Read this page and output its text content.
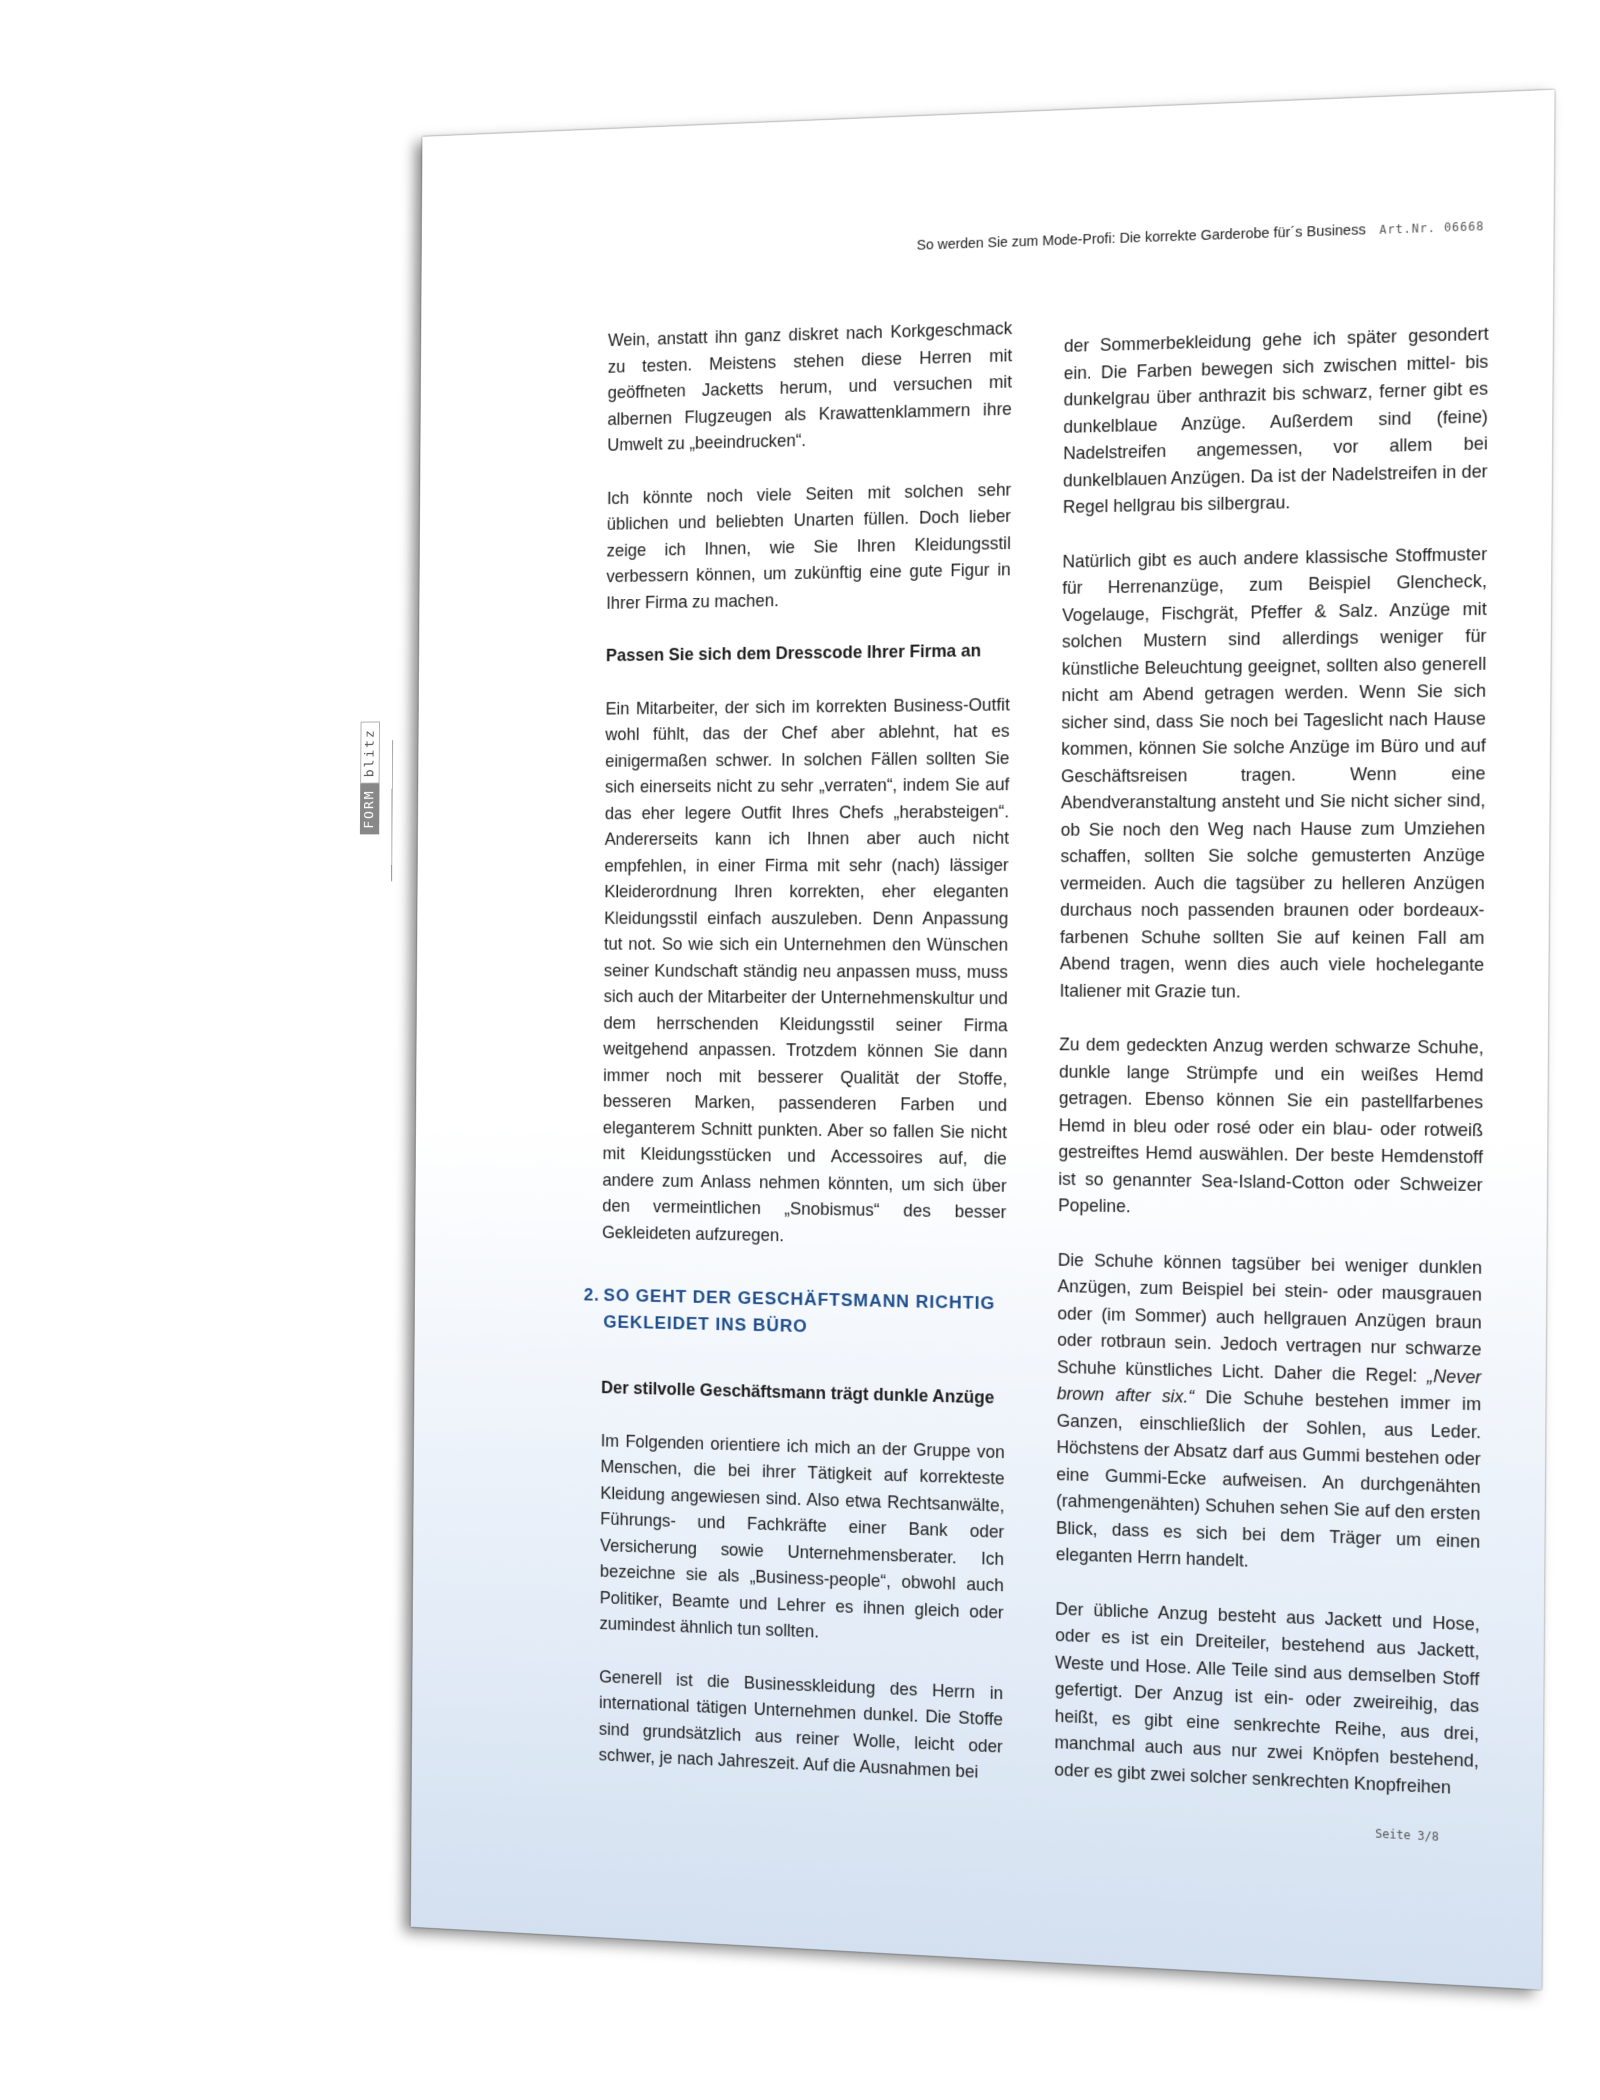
So werden Sie zum Mode-Profi: Die korrekte Garderobe für´s Business Art.Nr. 06668
FORM
blitz

Wein, anstatt ihn ganz diskret nach Korkgeschmack zu testen. Meistens stehen diese Herren mit geöffneten Jacketts herum, und versuchen mit albernen Flugzeugen als Krawattenklammern ihre Umwelt zu „beeindrucken“.

Ich könnte noch viele Seiten mit solchen sehr üblichen und beliebten Unarten füllen. Doch lieber zeige ich Ihnen, wie Sie Ihren Kleidungsstil verbessern können, um zukünftig eine gute Figur in Ihrer Firma zu machen.

Passen Sie sich dem Dresscode Ihrer Firma an

Ein Mitarbeiter, der sich im korrekten Business-Outfit wohl fühlt, das der Chef aber ablehnt, hat es einigermaßen schwer. In solchen Fällen sollten Sie sich einerseits nicht zu sehr „verraten“, indem Sie auf das eher legere Outfit Ihres Chefs „herabsteigen“. Andererseits kann ich Ihnen aber auch nicht empfehlen, in einer Firma mit sehr (nach) lässiger Kleiderordnung Ihren korrekten, eher eleganten Kleidungsstil einfach auszuleben. Denn Anpassung tut not. So wie sich ein Unternehmen den Wünschen seiner Kundschaft ständig neu anpassen muss, muss sich auch der Mitarbeiter der Unternehmenskultur und dem herrschenden Kleidungsstil seiner Firma weitgehend anpassen. Trotzdem können Sie dann immer noch mit besserer Qualität der Stoffe, besseren Marken, passenderen Farben und eleganterem Schnitt punkten. Aber so fallen Sie nicht mit Kleidungsstücken und Accessoires auf, die andere zum Anlass nehmen könnten, um sich über den vermeintlichen „Snobismus“ des besser Gekleideten aufzuregen.

2. SO GEHT DER GESCHÄFTSMANN RICHTIG
GEKLEIDET INS BÜRO

Der stilvolle Geschäftsmann trägt dunkle Anzüge

Im Folgenden orientiere ich mich an der Gruppe von Menschen, die bei ihrer Tätigkeit auf korrekteste Kleidung angewiesen sind. Also etwa Rechtsanwälte, Führungs- und Fachkräfte einer Bank oder Versicherung sowie Unternehmensberater. Ich bezeichne sie als „Business-people“, obwohl auch Politiker, Beamte und Lehrer es ihnen gleich oder zumindest ähnlich tun sollten.

Generell ist die Businesskleidung des Herrn in international tätigen Unternehmen dunkel. Die Stoffe sind grundsätzlich aus reiner Wolle, leicht oder schwer, je nach Jahreszeit. Auf die Ausnahmen bei

der Sommerbekleidung gehe ich später gesondert ein. Die Farben bewegen sich zwischen mittel- bis dunkelgrau über anthrazit bis schwarz, ferner gibt es dunkelblaue Anzüge. Außerdem sind (feine) Nadelstreifen angemessen, vor allem bei dunkelblauen Anzügen. Da ist der Nadelstreifen in der Regel hellgrau bis silbergrau.

Natürlich gibt es auch andere klassische Stoffmuster für Herrenanzüge, zum Beispiel Glencheck, Vogelauge, Fischgrät, Pfeffer & Salz. Anzüge mit solchen Mustern sind allerdings weniger für künstliche Beleuchtung geeignet, sollten also generell nicht am Abend getragen werden. Wenn Sie sich sicher sind, dass Sie noch bei Tageslicht nach Hause kommen, können Sie solche Anzüge im Büro und auf Geschäftsreisen tragen. Wenn eine Abendveranstaltung ansteht und Sie nicht sicher sind, ob Sie noch den Weg nach Hause zum Umziehen schaffen, sollten Sie solche gemusterten Anzüge vermeiden. Auch die tagsüber zu helleren Anzügen durchaus noch passenden braunen oder bordeaux-farbenen Schuhe sollten Sie auf keinen Fall am Abend tragen, wenn dies auch viele hochelegante Italiener mit Grazie tun.

Zu dem gedeckten Anzug werden schwarze Schuhe, dunkle lange Strümpfe und ein weißes Hemd getragen. Ebenso können Sie ein pastellfarbenes Hemd in bleu oder rosé oder ein blau- oder rotweiß gestreiftes Hemd auswählen. Der beste Hemdenstoff ist so genannter Sea-Island-Cotton oder Schweizer Popeline.

Die Schuhe können tagsüber bei weniger dunklen Anzügen, zum Beispiel bei stein- oder mausgrauen oder (im Sommer) auch hellgrauen Anzügen braun oder rotbraun sein. Jedoch vertragen nur schwarze Schuhe künstliches Licht. Daher die Regel: „Never brown after six.“ Die Schuhe bestehen immer im Ganzen, einschließlich der Sohlen, aus Leder. Höchstens der Absatz darf aus Gummi bestehen oder eine Gummi-Ecke aufweisen. An durchgenähten (rahmengenähten) Schuhen sehen Sie auf den ersten Blick, dass es sich bei dem Träger um einen eleganten Herrn handelt.

Der übliche Anzug besteht aus Jackett und Hose, oder es ist ein Dreiteiler, bestehend aus Jackett, Weste und Hose. Alle Teile sind aus demselben Stoff gefertigt. Der Anzug ist ein- oder zweireihig, das heißt, es gibt eine senkrechte Reihe, aus drei, manchmal auch aus nur zwei Knöpfen bestehend, oder es gibt zwei solcher senkrechten Knopfreihen

Seite 3/8
